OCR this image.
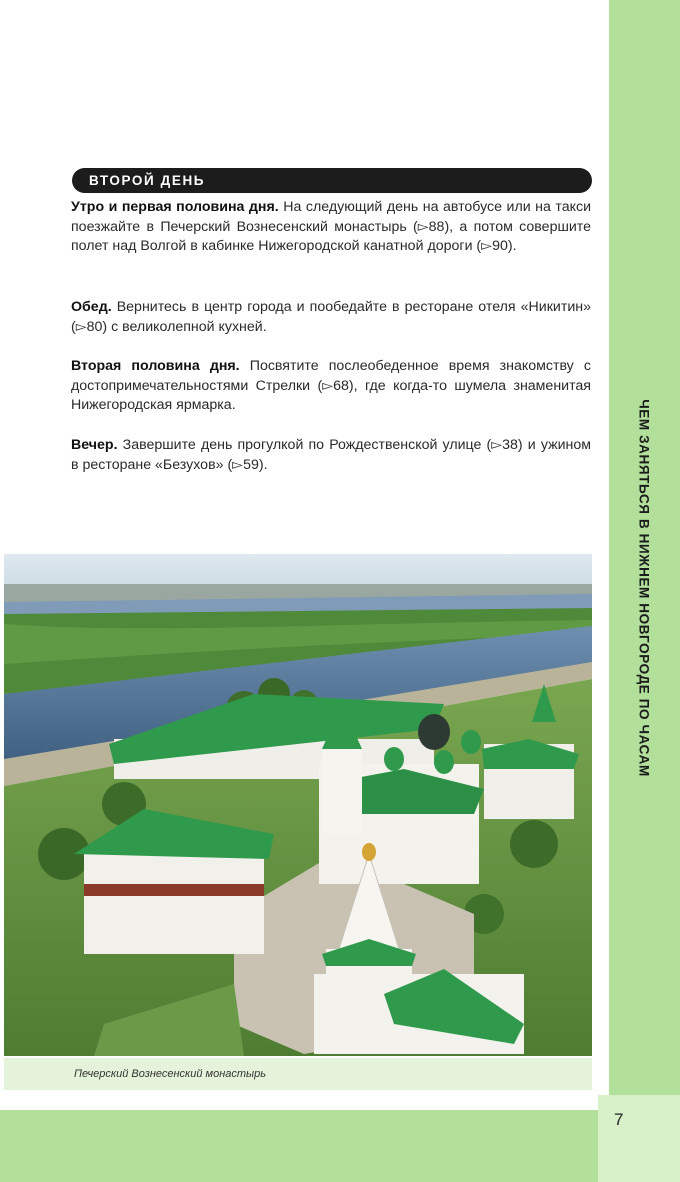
ЧЕМ ЗАНЯТЬСЯ В НИЖНЕМ НОВГОРОДЕ ПО ЧАСАМ
ВТОРОЙ ДЕНЬ

Утро и первая половина дня. На следующий день на автобусе или на такси поезжайте в Печерский Вознесенский монастырь (▻88), а потом совершите полет над Волгой в кабинке Нижегородской канатной дороги (▻90).

Обед. Вернитесь в центр города и пообедайте в ресторане отеля «Никитин» (▻80) с великолепной кухней.

Вторая половина дня. Посвятите послеобеденное время знакомству с достопримечательностями Стрелки (▻68), где когда-то шумела знаменитая Нижегородская ярмарка.

Вечер. Завершите день прогулкой по Рождественской улице (▻38) и ужином в ресторане «Безухов» (▻59).

Печерский Вознесенский монастырь
7
